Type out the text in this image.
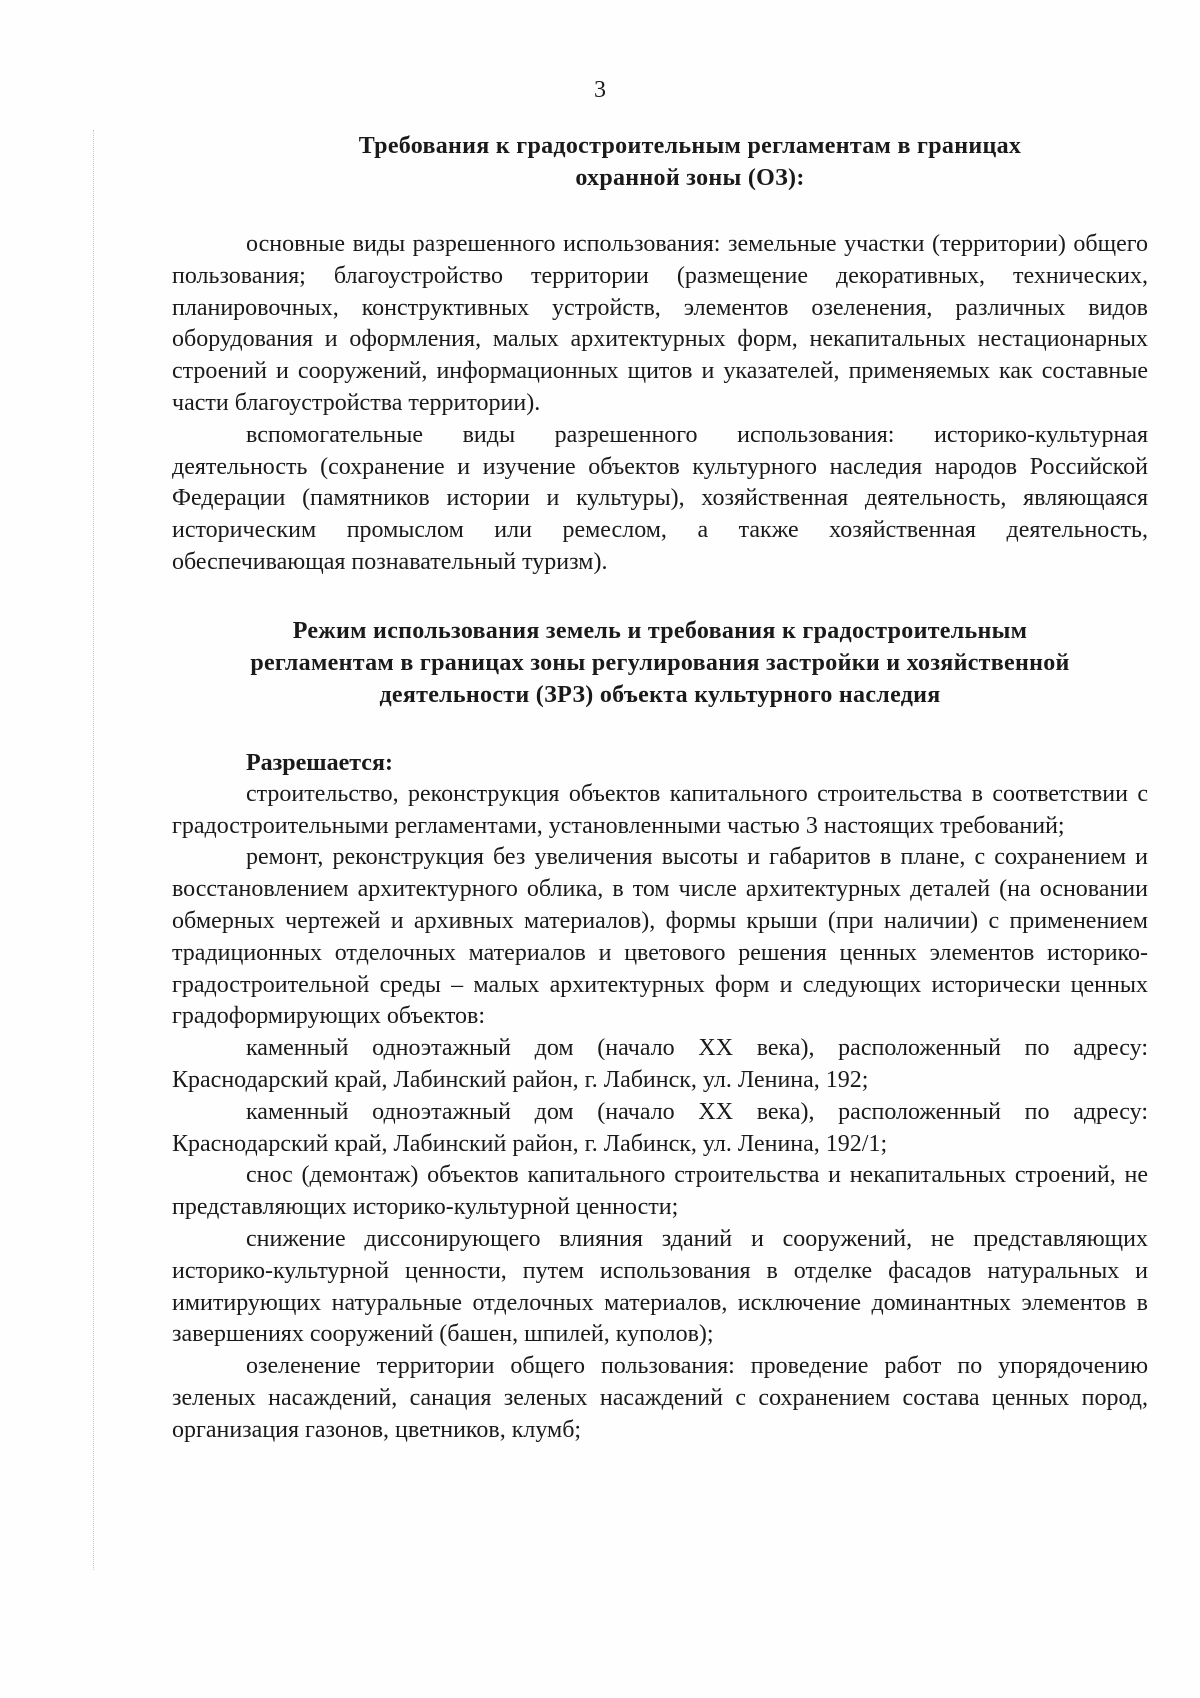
3
Требования к градостроительным регламентам в границах
охранной зоны (ОЗ):

основные виды разрешенного использования: земельные участки (территории) общего пользования; благоустройство территории (размещение декоративных, технических, планировочных, конструктивных устройств, элементов озеленения, различных видов оборудования и оформления, малых архитектурных форм, некапитальных нестационарных строений и сооружений, информационных щитов и указателей, применяемых как составные части благоустройства территории).

вспомогательные виды разрешенного использования: историко-культурная деятельность (сохранение и изучение объектов культурного наследия народов Российской Федерации (памятников истории и культуры), хозяйственная деятельность, являющаяся историческим промыслом или ремеслом, а также хозяйственная деятельность, обеспечивающая познавательный туризм).

Режим использования земель и требования к градостроительным
регламентам в границах зоны регулирования застройки и хозяйственной
деятельности (ЗРЗ) объекта культурного наследия
Разрешается:

строительство, реконструкция объектов капитального строительства в соответствии с градостроительными регламентами, установленными частью 3 настоящих требований;

ремонт, реконструкция без увеличения высоты и габаритов в плане, с сохранением и восстановлением архитектурного облика, в том числе архитектурных деталей (на основании обмерных чертежей и архивных материалов), формы крыши (при наличии) с применением традиционных отделочных материалов и цветового решения ценных элементов историко-градостроительной среды – малых архитектурных форм и следующих исторически ценных градоформирующих объектов:

каменный одноэтажный дом (начало XX века), расположенный по адресу: Краснодарский край, Лабинский район, г. Лабинск, ул. Ленина, 192;

каменный одноэтажный дом (начало XX века), расположенный по адресу: Краснодарский край, Лабинский район, г. Лабинск, ул. Ленина, 192/1;

снос (демонтаж) объектов капитального строительства и некапитальных строений, не представляющих историко-культурной ценности;

снижение диссонирующего влияния зданий и сооружений, не представляющих историко-культурной ценности, путем использования в отделке фасадов натуральных и имитирующих натуральные отделочных материалов, исключение доминантных элементов в завершениях сооружений (башен, шпилей, куполов);

озеленение территории общего пользования: проведение работ по упорядочению зеленых насаждений, санация зеленых насаждений с сохранением состава ценных пород, организация газонов, цветников, клумб;
